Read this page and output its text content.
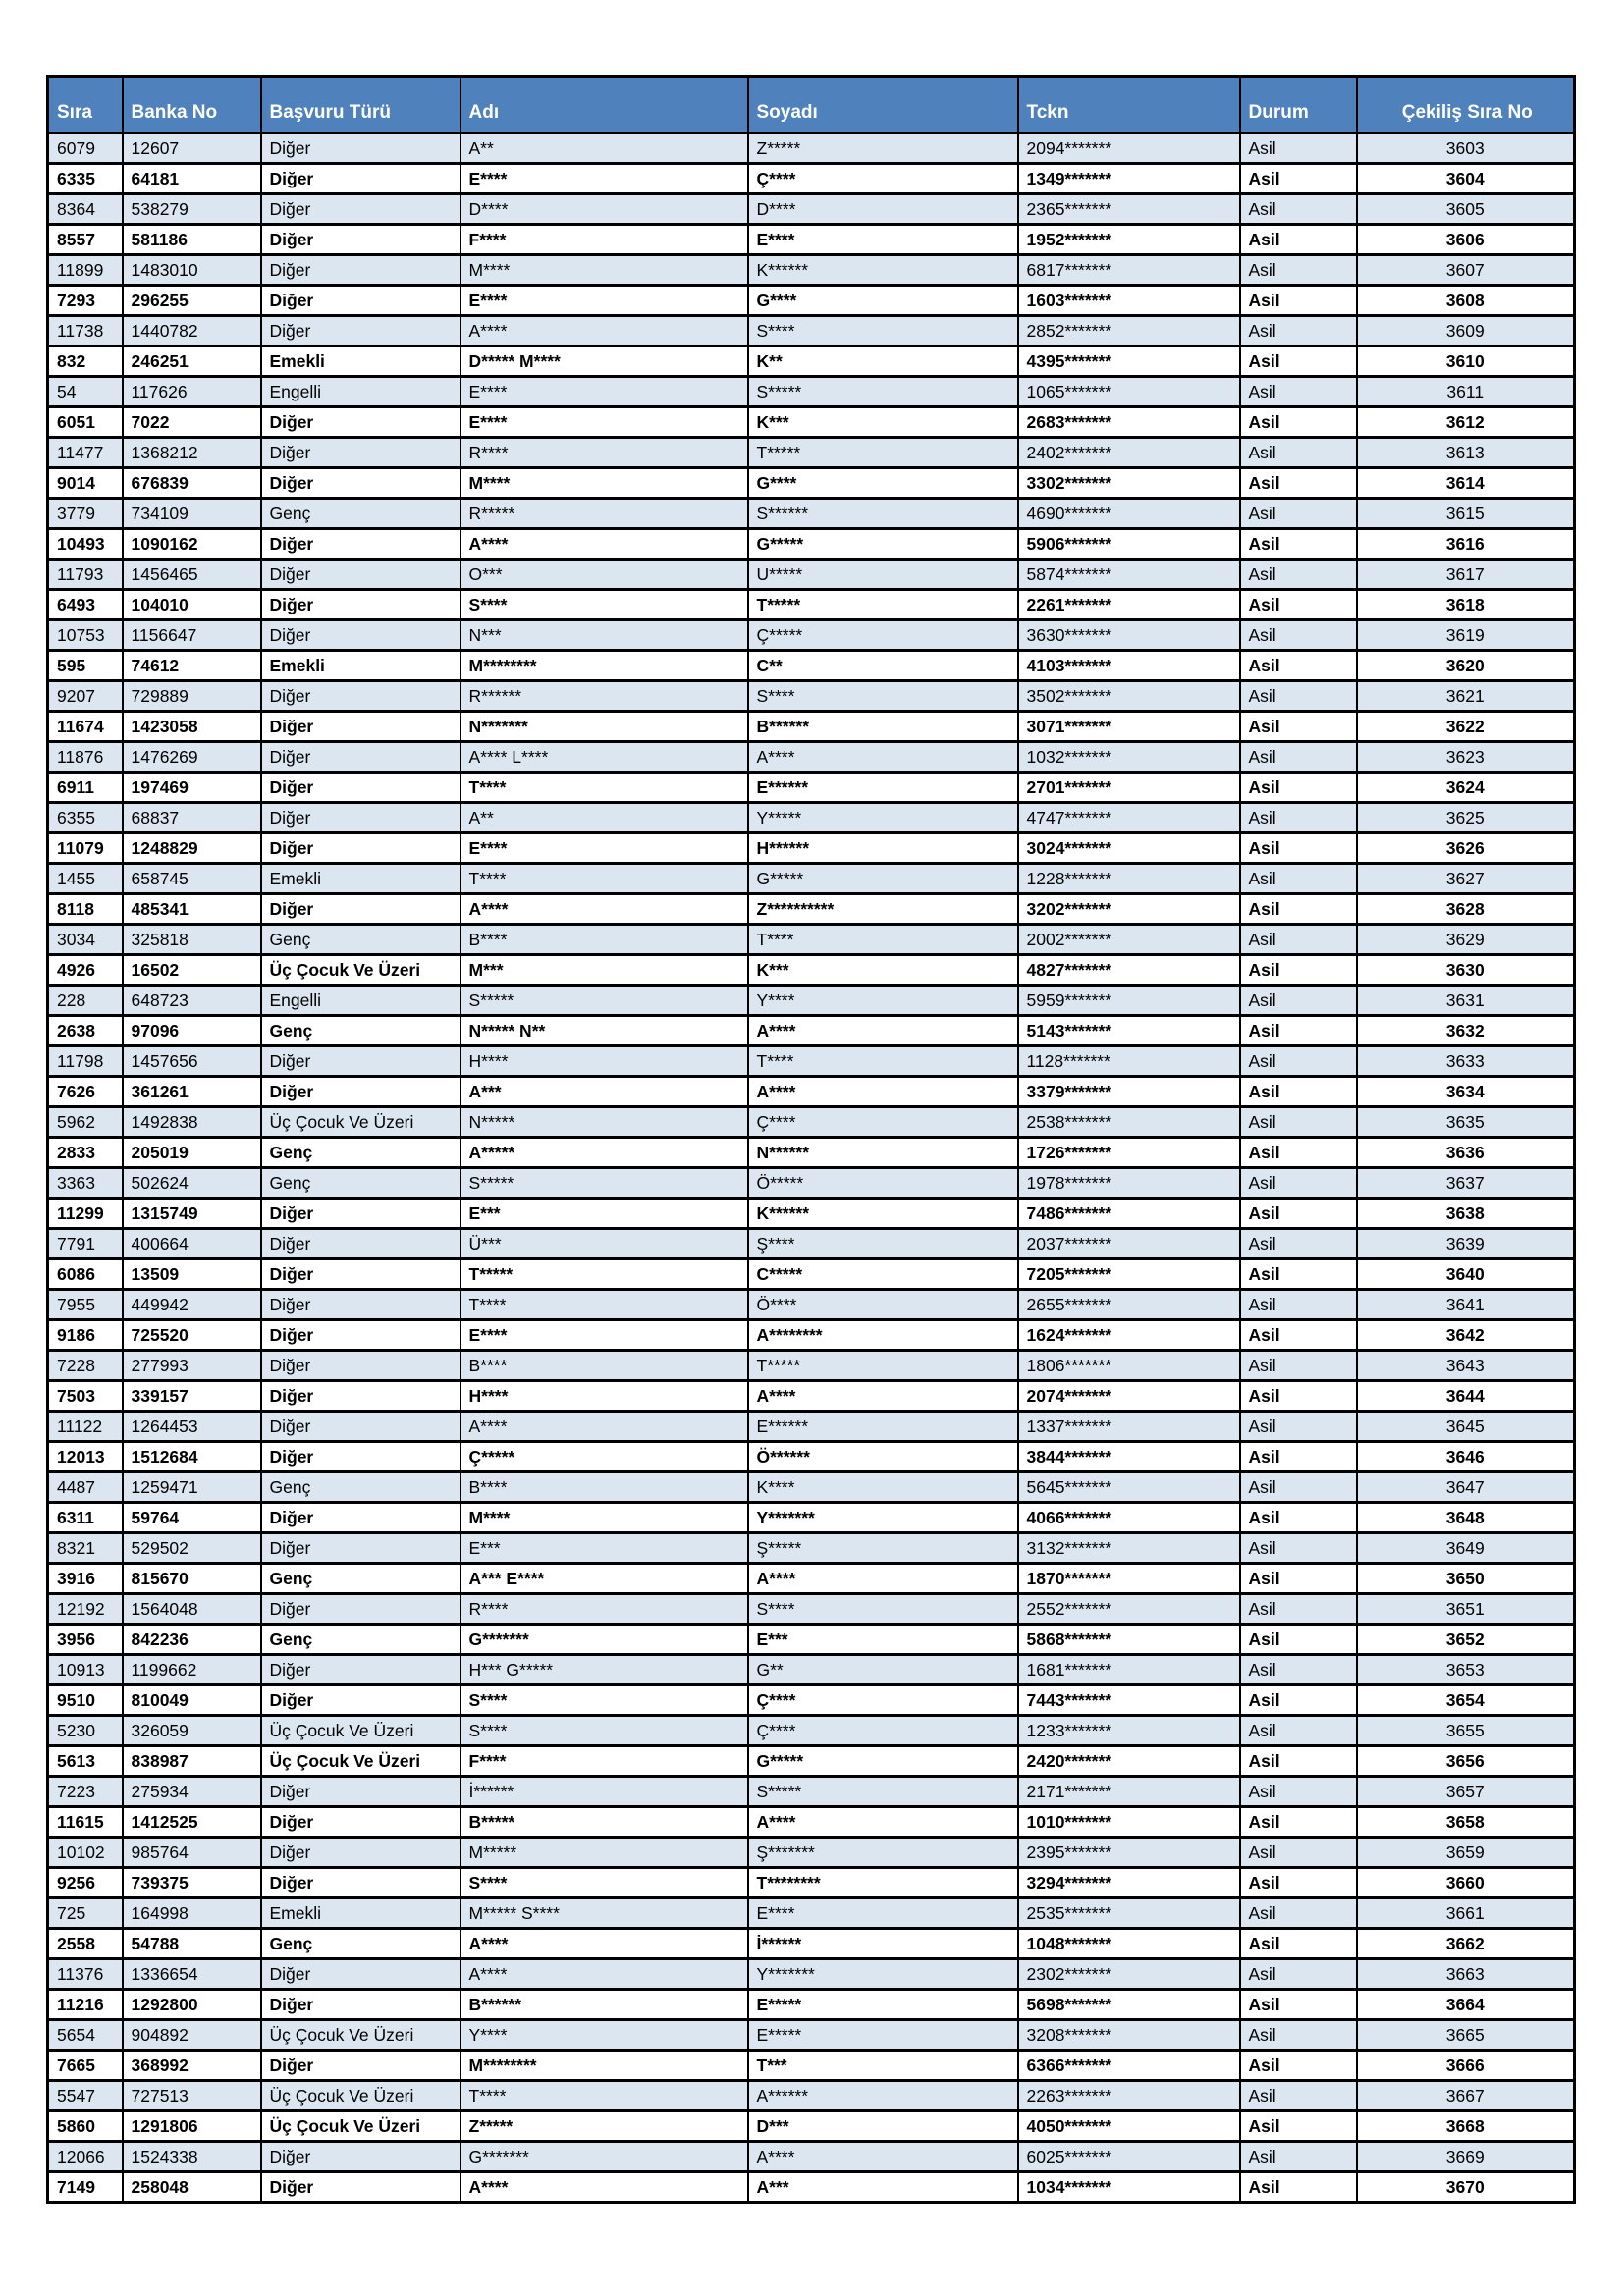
Sıra	Banka No	Başvuru Türü	Adı	Soyadı	Tckn	Durum	Çekiliş Sıra No
6079	12607	Diğer	A**	Z*****	2094*******	Asil	3603
6335	64181	Diğer	E****	Ç****	1349*******	Asil	3604
8364	538279	Diğer	D****	D****	2365*******	Asil	3605
8557	581186	Diğer	F****	E****	1952*******	Asil	3606
11899	1483010	Diğer	M****	K******	6817*******	Asil	3607
7293	296255	Diğer	E****	G****	1603*******	Asil	3608
11738	1440782	Diğer	A****	S****	2852*******	Asil	3609
832	246251	Emekli	D***** M****	K**	4395*******	Asil	3610
54	117626	Engelli	E****	S*****	1065*******	Asil	3611
6051	7022	Diğer	E****	K***	2683*******	Asil	3612
11477	1368212	Diğer	R****	T*****	2402*******	Asil	3613
9014	676839	Diğer	M****	G****	3302*******	Asil	3614
3779	734109	Genç	R*****	S******	4690*******	Asil	3615
10493	1090162	Diğer	A****	G*****	5906*******	Asil	3616
11793	1456465	Diğer	O***	U*****	5874*******	Asil	3617
6493	104010	Diğer	S****	T*****	2261*******	Asil	3618
10753	1156647	Diğer	N***	Ç*****	3630*******	Asil	3619
595	74612	Emekli	M********	C**	4103*******	Asil	3620
9207	729889	Diğer	R******	S****	3502*******	Asil	3621
11674	1423058	Diğer	N*******	B******	3071*******	Asil	3622
11876	1476269	Diğer	A**** L****	A****	1032*******	Asil	3623
6911	197469	Diğer	T****	E******	2701*******	Asil	3624
6355	68837	Diğer	A**	Y*****	4747*******	Asil	3625
11079	1248829	Diğer	E****	H******	3024*******	Asil	3626
1455	658745	Emekli	T****	G*****	1228*******	Asil	3627
8118	485341	Diğer	A****	Z**********	3202*******	Asil	3628
3034	325818	Genç	B****	T****	2002*******	Asil	3629
4926	16502	Üç Çocuk Ve Üzeri	M***	K***	4827*******	Asil	3630
228	648723	Engelli	S*****	Y****	5959*******	Asil	3631
2638	97096	Genç	N***** N**	A****	5143*******	Asil	3632
11798	1457656	Diğer	H****	T****	1128*******	Asil	3633
7626	361261	Diğer	A***	A****	3379*******	Asil	3634
5962	1492838	Üç Çocuk Ve Üzeri	N*****	Ç****	2538*******	Asil	3635
2833	205019	Genç	A*****	N******	1726*******	Asil	3636
3363	502624	Genç	S*****	Ö*****	1978*******	Asil	3637
11299	1315749	Diğer	E***	K******	7486*******	Asil	3638
7791	400664	Diğer	Ü***	Ş****	2037*******	Asil	3639
6086	13509	Diğer	T*****	C*****	7205*******	Asil	3640
7955	449942	Diğer	T****	Ö****	2655*******	Asil	3641
9186	725520	Diğer	E****	A********	1624*******	Asil	3642
7228	277993	Diğer	B****	T*****	1806*******	Asil	3643
7503	339157	Diğer	H****	A****	2074*******	Asil	3644
11122	1264453	Diğer	A****	E******	1337*******	Asil	3645
12013	1512684	Diğer	Ç*****	Ö******	3844*******	Asil	3646
4487	1259471	Genç	B****	K****	5645*******	Asil	3647
6311	59764	Diğer	M****	Y*******	4066*******	Asil	3648
8321	529502	Diğer	E***	Ş*****	3132*******	Asil	3649
3916	815670	Genç	A*** E****	A****	1870*******	Asil	3650
12192	1564048	Diğer	R****	S****	2552*******	Asil	3651
3956	842236	Genç	G*******	E***	5868*******	Asil	3652
10913	1199662	Diğer	H*** G*****	G**	1681*******	Asil	3653
9510	810049	Diğer	S****	Ç****	7443*******	Asil	3654
5230	326059	Üç Çocuk Ve Üzeri	S****	Ç****	1233*******	Asil	3655
5613	838987	Üç Çocuk Ve Üzeri	F****	G*****	2420*******	Asil	3656
7223	275934	Diğer	İ******	S*****	2171*******	Asil	3657
11615	1412525	Diğer	B*****	A****	1010*******	Asil	3658
10102	985764	Diğer	M*****	Ş*******	2395*******	Asil	3659
9256	739375	Diğer	S****	T********	3294*******	Asil	3660
725	164998	Emekli	M***** S****	E****	2535*******	Asil	3661
2558	54788	Genç	A****	İ******	1048*******	Asil	3662
11376	1336654	Diğer	A****	Y*******	2302*******	Asil	3663
11216	1292800	Diğer	B******	E*****	5698*******	Asil	3664
5654	904892	Üç Çocuk Ve Üzeri	Y****	E*****	3208*******	Asil	3665
7665	368992	Diğer	M********	T***	6366*******	Asil	3666
5547	727513	Üç Çocuk Ve Üzeri	T****	A******	2263*******	Asil	3667
5860	1291806	Üç Çocuk Ve Üzeri	Z*****	D***	4050*******	Asil	3668
12066	1524338	Diğer	G*******	A****	6025*******	Asil	3669
7149	258048	Diğer	A****	A***	1034*******	Asil	3670
